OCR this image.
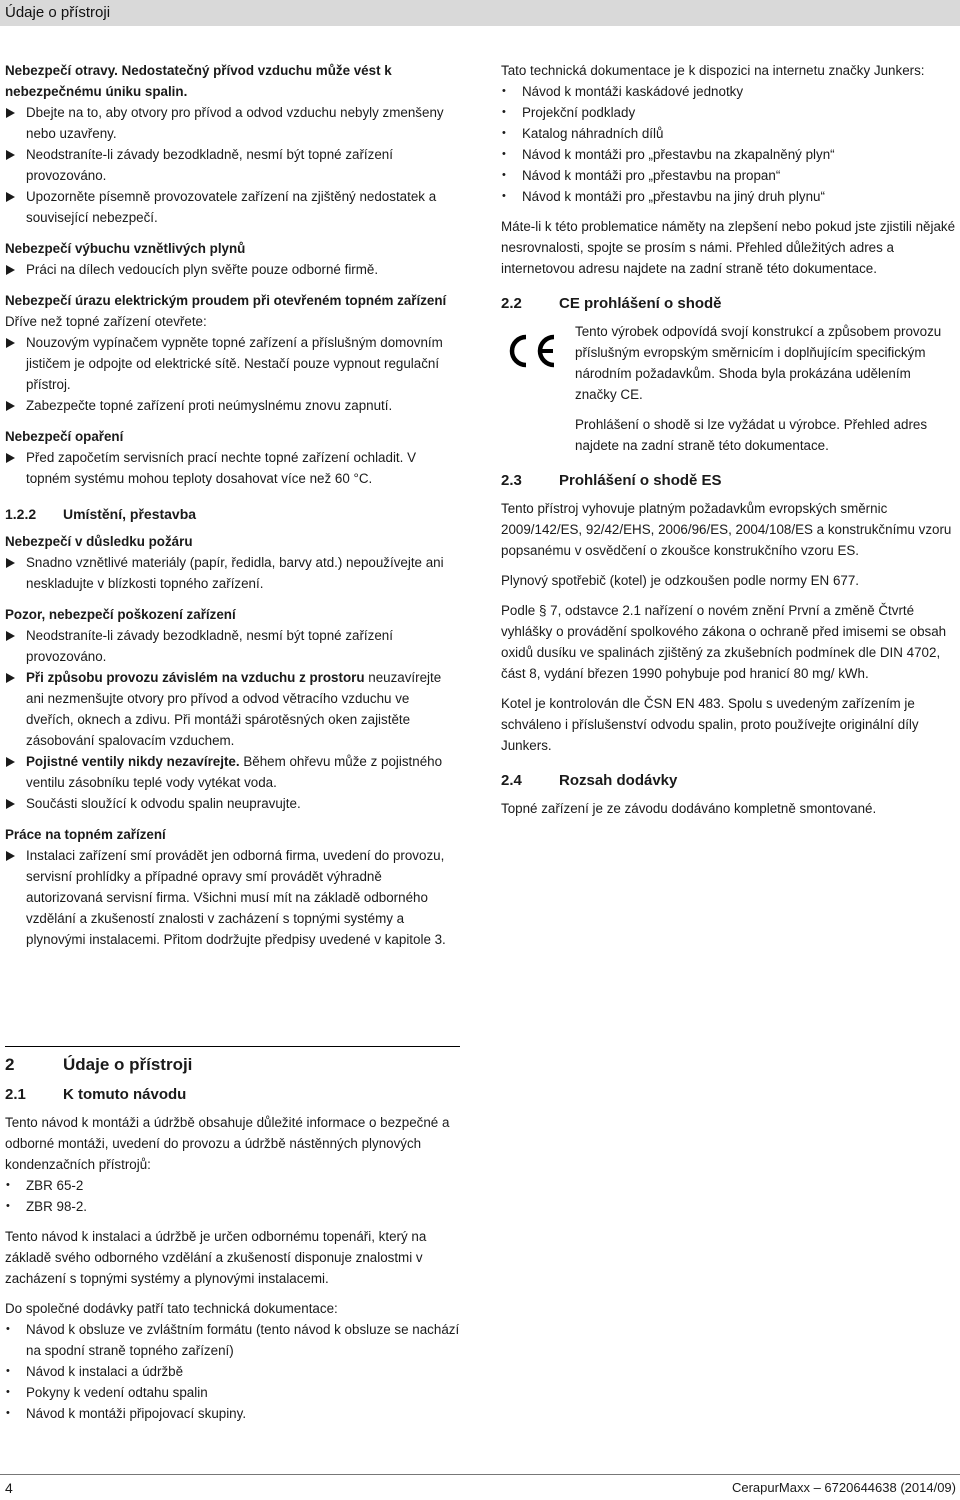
Údaje o přístroji

Nebezpečí otravy. Nedostatečný přívod vzduchu může vést k nebezpečnému úniku spalin.

Dbejte na to, aby otvory pro přívod a odvod vzduchu nebyly zmenšeny nebo uzavřeny.
Neodstraníte-li závady bezodkladně, nesmí být topné zařízení provozováno.
Upozorněte písemně provozovatele zařízení na zjištěný nedostatek a související nebezpečí.

Nebezpečí výbuchu vznětlivých plynů

Práci na dílech vedoucích plyn svěřte pouze odborné firmě.

Nebezpečí úrazu elektrickým proudem při otevřeném topném zařízení

Dříve než topné zařízení otevřete:

Nouzovým vypínačem vypněte topné zařízení a příslušným domovním jističem je odpojte od elektrické sítě. Nestačí pouze vypnout regulační přístroj.
Zabezpečte topné zařízení proti neúmyslnému znovu zapnutí.

Nebezpečí opaření

Před započetím servisních prací nechte topné zařízení ochladit. V topném systému mohou teploty dosahovat více než 60 °C.

1.2.2 Umístění, přestavba

Nebezpečí v důsledku požáru

Snadno vznětlivé materiály (papír, ředidla, barvy atd.) nepoužívejte ani neskladujte v blízkosti topného zařízení.

Pozor, nebezpečí poškození zařízení

Neodstraníte-li závady bezodkladně, nesmí být topné zařízení provozováno.
Při způsobu provozu závislém na vzduchu z prostoru neuzavírejte ani nezmenšujte otvory pro přívod a odvod větracího vzduchu ve dveřích, oknech a zdivu. Při montáži spárotěsných oken zajistěte zásobování spalovacím vzduchem.
Pojistné ventily nikdy nezavírejte. Během ohřevu může z pojistného ventilu zásobníku teplé vody vytékat voda.
Součásti sloužící k odvodu spalin neupravujte.

Práce na topném zařízení

Instalaci zařízení smí provádět jen odborná firma, uvedení do provozu, servisní prohlídky a případné opravy smí provádět výhradně autorizovaná servisní firma. Všichni musí mít na základě odborného vzdělání a zkušeností znalosti v zacházení s topnými systémy a plynovými instalacemi. Přitom dodržujte předpisy uvedené v kapitole 3.

2	Údaje o přístroji

2.1 K tomuto návodu

Tento návod k montáži a údržbě obsahuje důležité informace o bezpečné a odborné montáži, uvedení do provozu a údržbě nástěnných plynových kondenzačních přístrojů:

• ZBR 65-2
• ZBR 98-2.

Tento návod k instalaci a údržbě je určen odbornému topenáři, který na základě svého odborného vzdělání a zkušeností disponuje znalostmi v zacházení s topnými systémy a plynovými instalacemi.

Do společné dodávky patří tato technická dokumentace:

• Návod k obsluze ve zvláštním formátu (tento návod k obsluze se nachází na spodní straně topného zařízení)
• Návod k instalaci a údržbě
• Pokyny k vedení odtahu spalin
• Návod k montáži připojovací skupiny.

Tato technická dokumentace je k dispozici na internetu značky Junkers:

• Návod k montáži kaskádové jednotky
• Projekční podklady
• Katalog náhradních dílů
• Návod k montáži pro „přestavbu na zkapalněný plyn“
• Návod k montáži pro „přestavbu na propan“
• Návod k montáži pro „přestavbu na jiný druh plynu“

Máte-li k této problematice náměty na zlepšení nebo pokud jste zjistili nějaké nesrovnalosti, spojte se prosím s námi. Přehled důležitých adres a internetovou adresu najdete na zadní straně této dokumentace.

2.2 CE prohlášení o shodě

Tento výrobek odpovídá svojí konstrukcí a způsobem provozu příslušným evropským směrnicím i doplňujícím specifickým národním požadavkům. Shoda byla prokázána udělením značky CE.

Prohlášení o shodě si lze vyžádat u výrobce. Přehled adres najdete na zadní straně této dokumentace.

2.3 Prohlášení o shodě ES

Tento přístroj vyhovuje platným požadavkům evropských směrnic 2009/142/ES, 92/42/EHS, 2006/96/ES, 2004/108/ES a konstrukčnímu vzoru popsanému v osvědčení o zkoušce konstrukčního vzoru ES.

Plynový spotřebič (kotel) je odzkoušen podle normy EN 677.

Podle § 7, odstavce 2.1 nařízení o novém znění První a změně Čtvrté vyhlášky o provádění spolkového zákona o ochraně před imisemi se obsah oxidů dusíku ve spalinách zjištěný za zkušebních podmínek dle DIN 4702, část 8, vydání březen 1990 pohybuje pod hranicí 80 mg/ kWh.

Kotel je kontrolován dle ČSN EN 483. Spolu s uvedeným zařízením je schváleno i příslušenství odvodu spalin, proto používejte originální díly Junkers.

2.4 Rozsah dodávky

Topné zařízení je ze závodu dodáváno kompletně smontované.

4	CerapurMaxx – 6720644638 (2014/09)
